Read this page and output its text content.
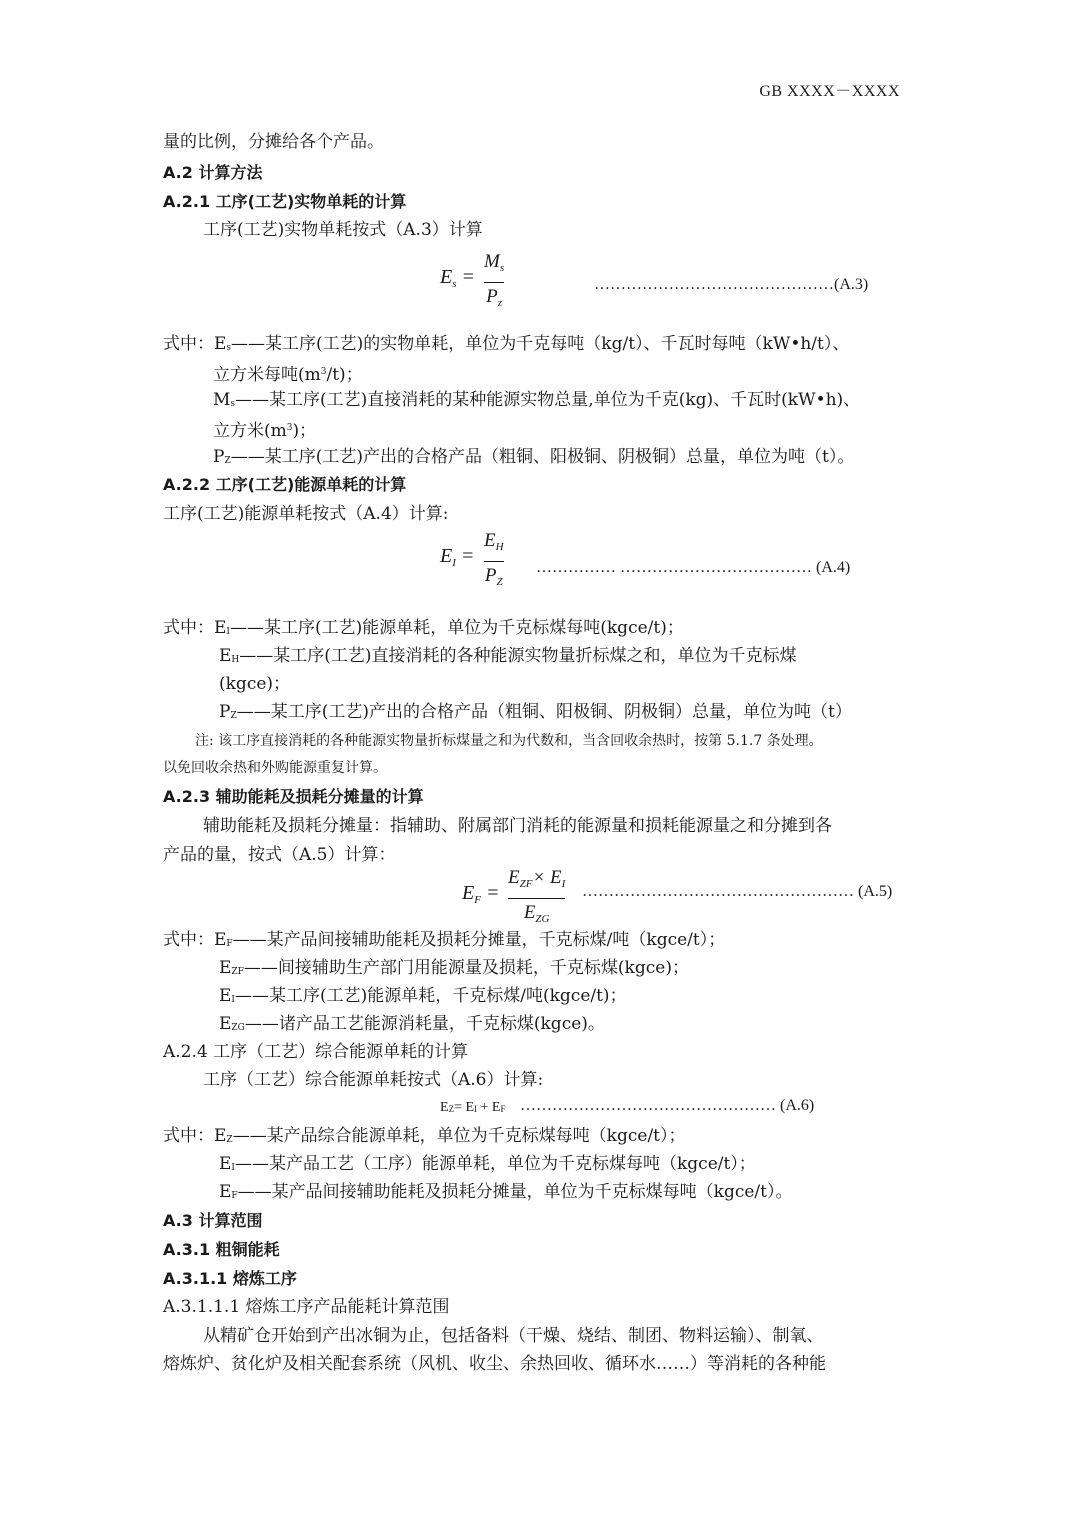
GB XXXX－XXXX
量的比例，分摊给各个产品。
A.2 计算方法
A.2.1 工序(工艺)实物单耗的计算
工序(工艺)实物单耗按式（A.3）计算
$E_s$ =
$M_s$
$P_z$
………………………………………(A.3)
式中：$E_s——$某工序(工艺)的实物单耗，单位为千克每吨（kg/t）、千瓦时每吨（kW•h/t）、
立方米每吨$(m^3/t)$；
$M_s——$某工序(工艺)直接消耗的某种能源实物总量,单位为千克(kg)、千瓦时(kW•h)、
立方米$(m^3)$；
$P_Z——$某工序(工艺)产出的合格产品（粗铜、阳极铜、阴极铜）总量，单位为吨（t）。
A.2.2 工序(工艺)能源单耗的计算
工序(工艺)能源单耗按式（A.4）计算:
$E_I$ =
$E_H$
$P_Z$
…………… ……………………………… (A.4)
式中：$E_I——$某工序(工艺)能源单耗，单位为千克标煤每吨(kgce/t)；
$E_H——$某工序(工艺)直接消耗的各种能源实物量折标煤之和，单位为千克标煤
(kgce)；
$P_Z——$某工序(工艺)产出的合格产品（粗铜、阳极铜、阴极铜）总量，单位为吨（t）
注: 该工序直接消耗的各种能源实物量折标煤量之和为代数和，当含回收余热时，按第 5.1.7 条处理。
以免回收余热和外购能源重复计算。
A.2.3 辅助能耗及损耗分摊量的计算
辅助能耗及损耗分摊量：指辅助、附属部门消耗的能源量和损耗能源量之和分摊到各
产品的量，按式（A.5）计算：
$E_F$ =
$E_{ZF}\times E_I$
$E_{ZG}$
…………………………………………… (A.5)
式中：$E_F——$某产品间接辅助能耗及损耗分摊量，千克标煤/吨（kgce/t）；
$E_{ZF}——$间接辅助生产部门用能源量及损耗，千克标煤(kgce)；
$E_I——$某工序(工艺)能源单耗，千克标煤/吨(kgce/t)；
$E_{ZG}——$诸产品工艺能源消耗量，千克标煤(kgce)。
A.2.4 工序（工艺）综合能源单耗的计算
工序（工艺）综合能源单耗按式（A.6）计算:
$E_Z= E_I + E_F$ ………………………………………… (A.6)
式中：$E_Z——$某产品综合能源单耗，单位为千克标煤每吨（kgce/t）；
$E_I——$某产品工艺（工序）能源单耗，单位为千克标煤每吨（kgce/t）；
$E_F——$某产品间接辅助能耗及损耗分摊量，单位为千克标煤每吨（kgce/t）。
A.3 计算范围
A.3.1 粗铜能耗
A.3.1.1 熔炼工序
A.3.1.1.1 熔炼工序产品能耗计算范围
从精矿仓开始到产出冰铜为止，包括备料（干燥、烧结、制团、物料运输）、制氧、
熔炼炉、贫化炉及相关配套系统（风机、收尘、余热回收、循环水……）等消耗的各种能
